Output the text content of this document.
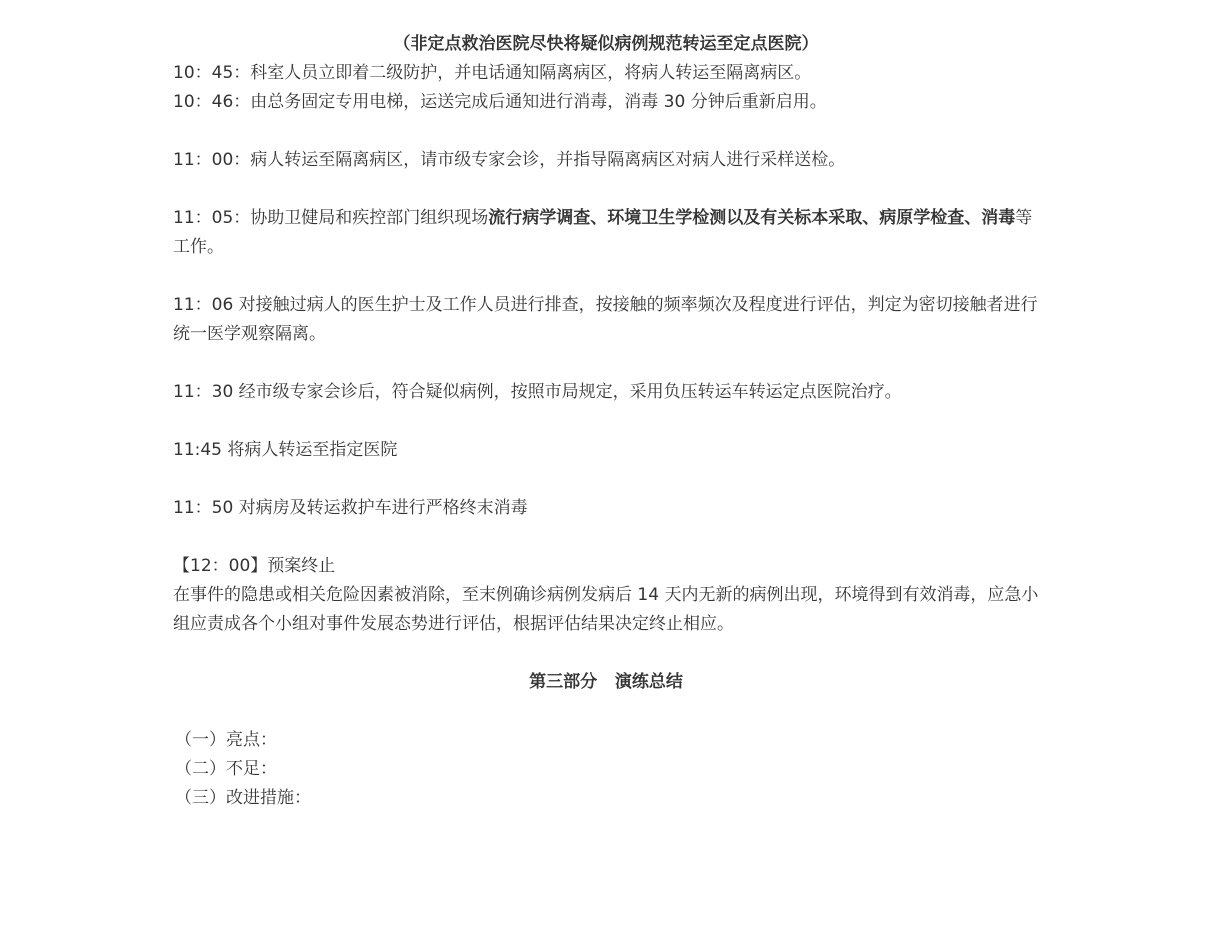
（非定点救治医院尽快将疑似病例规范转运至定点医院）

10：45：科室人员立即着二级防护，并电话通知隔离病区，将病人转运至隔离病区。

10：46：由总务固定专用电梯，运送完成后通知进行消毒，消毒 30 分钟后重新启用。

11：00：病人转运至隔离病区，请市级专家会诊，并指导隔离病区对病人进行采样送检。

11：05：协助卫健局和疾控部门组织现场流行病学调查、环境卫生学检测以及有关标本采取、病原学检查、消毒等工作。

11：06 对接触过病人的医生护士及工作人员进行排查，按接触的频率频次及程度进行评估，判定为密切接触者进行统一医学观察隔离。

11：30 经市级专家会诊后，符合疑似病例，按照市局规定，采用负压转运车转运定点医院治疗。

11:45 将病人转运至指定医院

11：50 对病房及转运救护车进行严格终末消毒

【12：00】预案终止

在事件的隐患或相关危险因素被消除，至末例确诊病例发病后 14 天内无新的病例出现，环境得到有效消毒，应急小组应责成各个小组对事件发展态势进行评估，根据评估结果决定终止相应。

第三部分   演练总结

（一）亮点：

（二）不足：

（三）改进措施：
